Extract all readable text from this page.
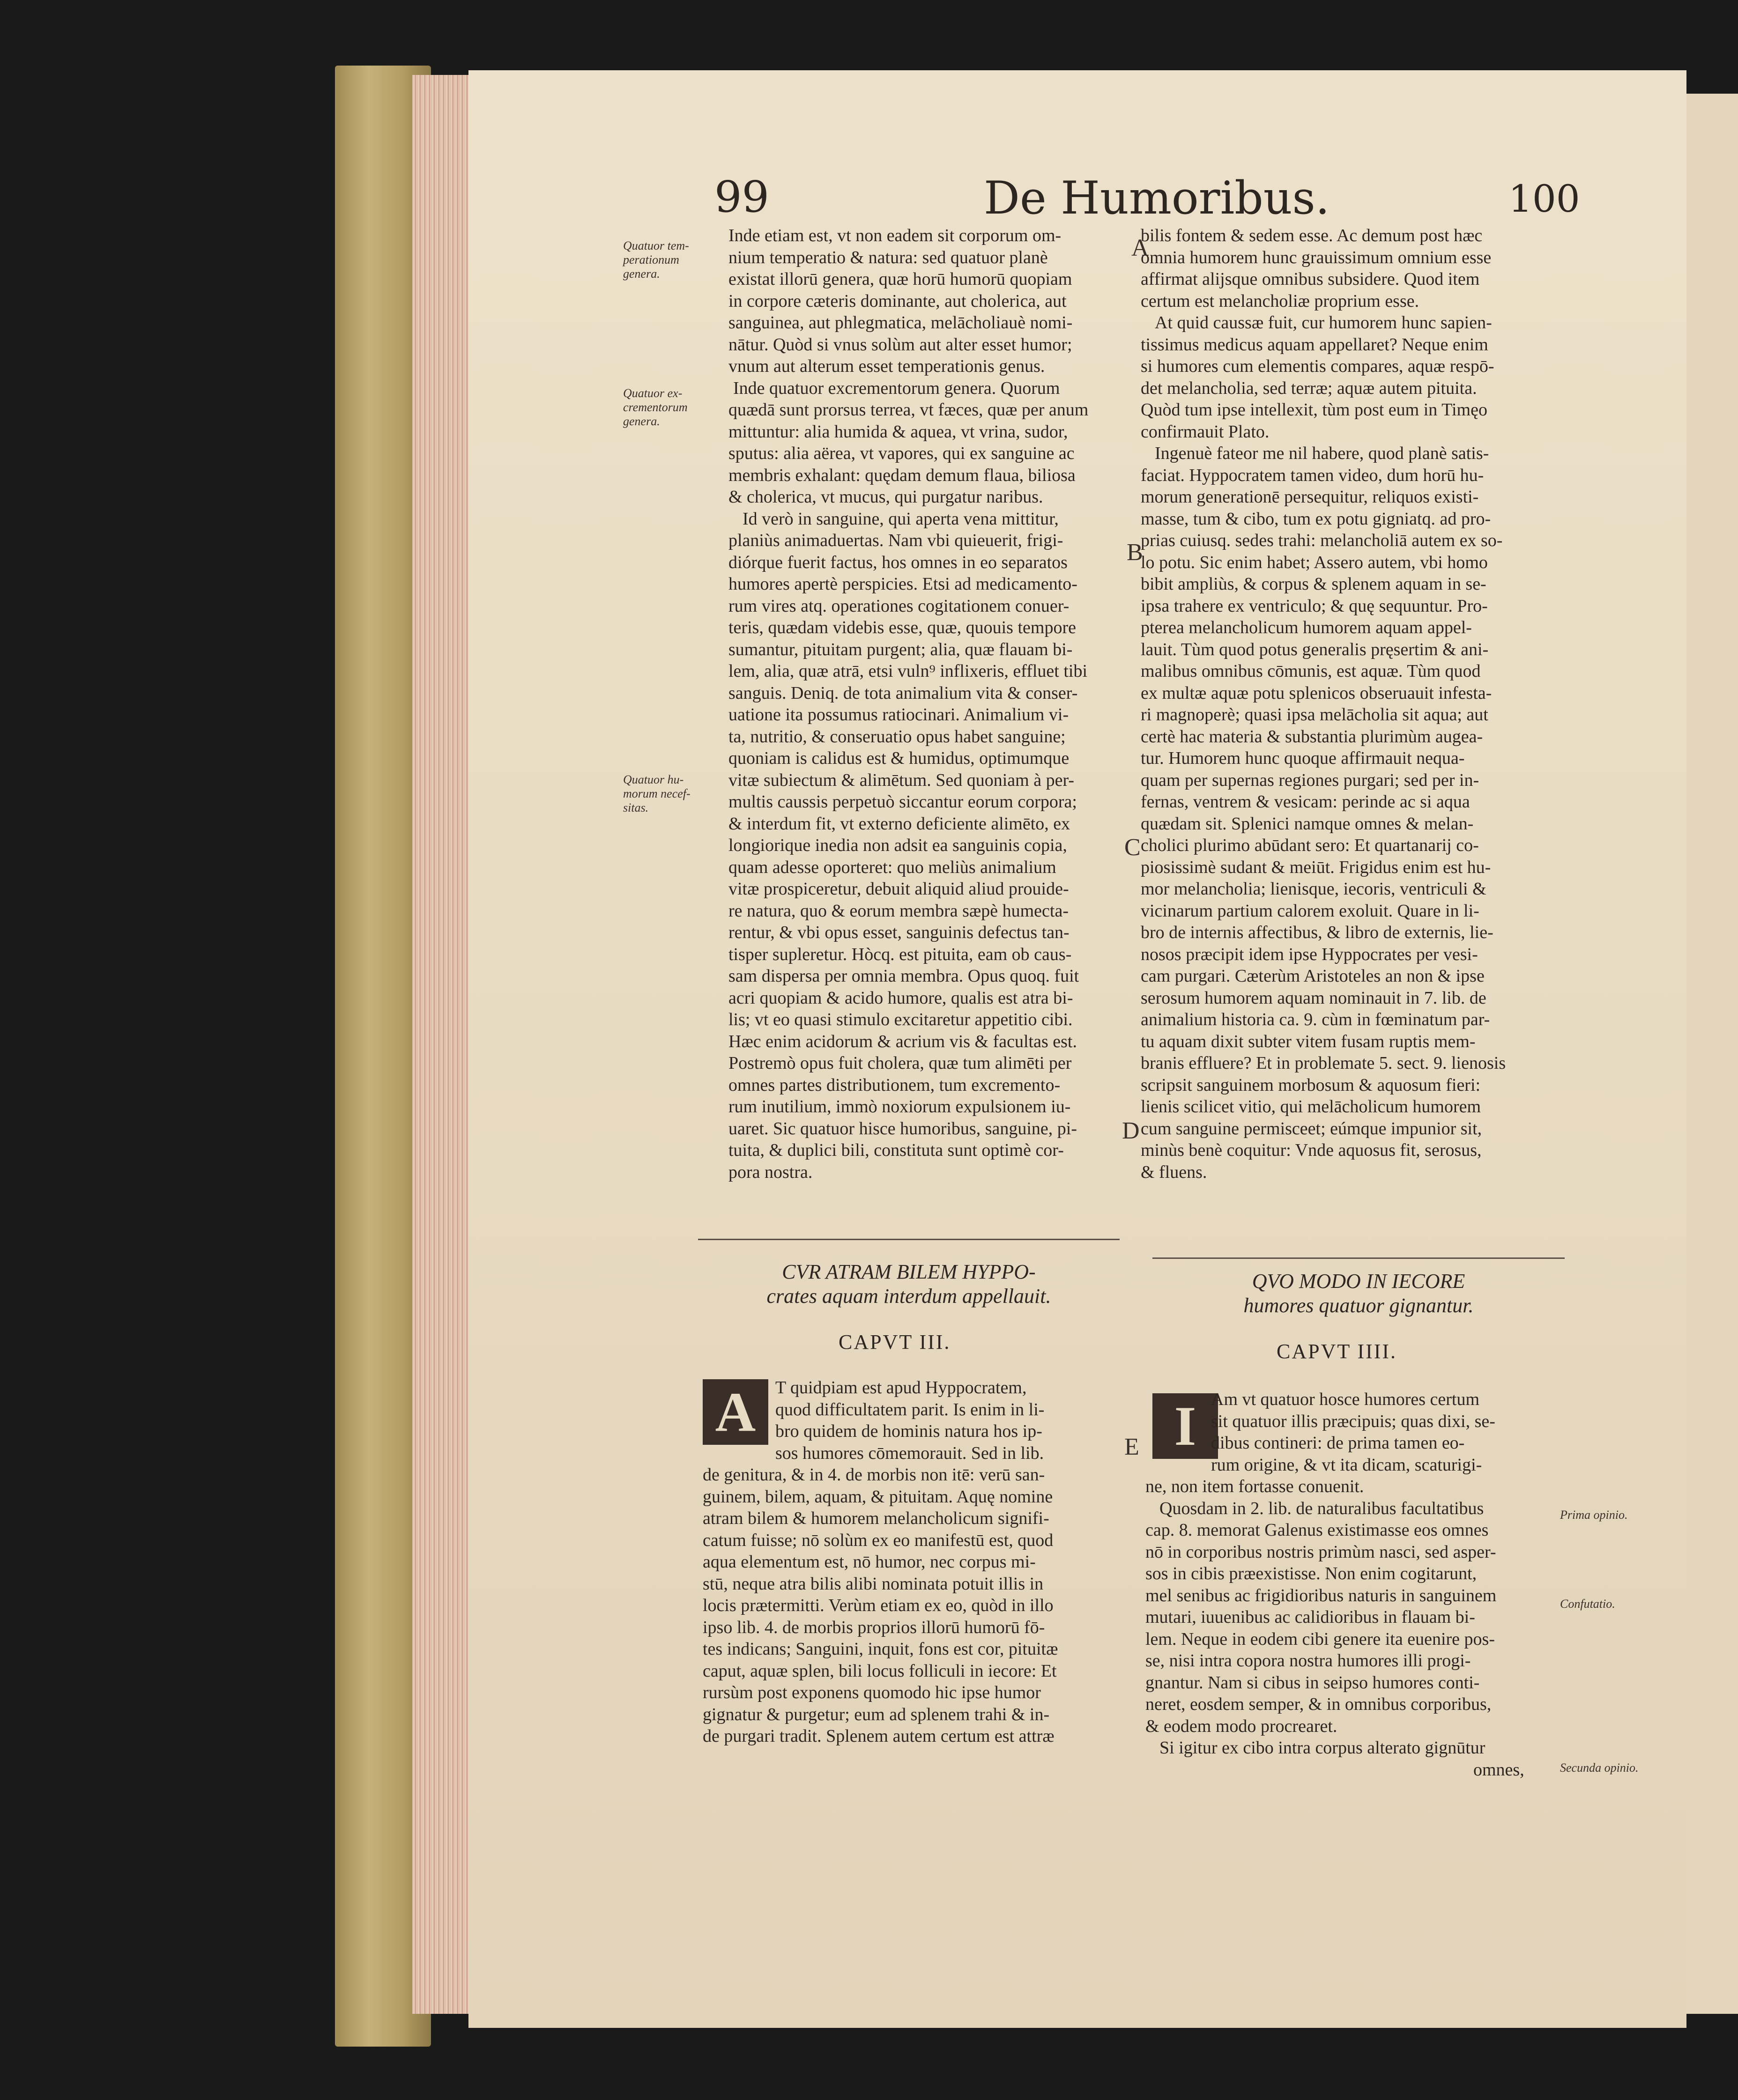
99	De Humoribus.	100

Quatuor tem-

perationum

genera.

Quatuor ex-

crementorum

genera.

Quatuor hu-

morum necef-

sitas.

Prima opinio.

Confutatio.

Secunda opinio.

A
B
C
D
E

Inde etiam est, vt non eadem sit corporum om-

nium temperatio & natura: sed quatuor planè

existat illorū genera, quæ horū humorū quopiam

in corpore cæteris dominante, aut cholerica, aut

sanguinea, aut phlegmatica, melācholiauè nomi-

nātur. Quòd si vnus solùm aut alter esset humor;

vnum aut alterum esset temperationis genus.

Inde quatuor excrementorum genera. Quorum

quædā sunt prorsus terrea, vt fæces, quæ per anum

mittuntur: alia humida & aquea, vt vrina, sudor,

sputus: alia aërea, vt vapores, qui ex sanguine ac

membris exhalant: quędam demum flaua, biliosa

& cholerica, vt mucus, qui purgatur naribus.

Id verò in sanguine, qui aperta vena mittitur,

planiùs animaduertas. Nam vbi quieuerit, frigi-

diórque fuerit factus, hos omnes in eo separatos

humores apertè perspicies. Etsi ad medicamento-

rum vires atq. operationes cogitationem conuer-

teris, quædam videbis esse, quæ, quouis tempore

sumantur, pituitam purgent; alia, quæ flauam bi-

lem, alia, quæ atrā, etsi vuln⁹ inflixeris, effluet tibi

sanguis. Deniq. de tota animalium vita & conser-

uatione ita possumus ratiocinari. Animalium vi-

ta, nutritio, & conseruatio opus habet sanguine;

quoniam is calidus est & humidus, optimumque

vitæ subiectum & alimētum. Sed quoniam à per-

multis caussis perpetuò siccantur eorum corpora;

& interdum fit, vt externo deficiente alimēto, ex

longiorique inedia non adsit ea sanguinis copia,

quam adesse oporteret: quo meliùs animalium

vitæ prospiceretur, debuit aliquid aliud prouide-

re natura, quo & eorum membra sæpè humecta-

rentur, & vbi opus esset, sanguinis defectus tan-

tisper supleretur. Hòcq. est pituita, eam ob caus-

sam dispersa per omnia membra. Opus quoq. fuit

acri quopiam & acido humore, qualis est atra bi-

lis; vt eo quasi stimulo excitaretur appetitio cibi.

Hæc enim acidorum & acrium vis & facultas est.

Postremò opus fuit cholera, quæ tum alimēti per

omnes partes distributionem, tum excremento-

rum inutilium, immò noxiorum expulsionem iu-

uaret. Sic quatuor hisce humoribus, sanguine, pi-

tuita, & duplici bili, constituta sunt optimè cor-

pora nostra.

bilis fontem & sedem esse. Ac demum post hæc

omnia humorem hunc grauissimum omnium esse

affirmat alijsque omnibus subsidere. Quod item

certum est melancholiæ proprium esse.

At quid caussæ fuit, cur humorem hunc sapien-

tissimus medicus aquam appellaret? Neque enim

si humores cum elementis compares, aquæ respō-

det melancholia, sed terræ; aquæ autem pituita.

Quòd tum ipse intellexit, tùm post eum in Timęo

confirmauit Plato.

Ingenuè fateor me nil habere, quod planè satis-

faciat. Hyppocratem tamen video, dum horū hu-

morum generationē persequitur, reliquos existi-

masse, tum & cibo, tum ex potu gigniatq. ad pro-

prias cuiusq. sedes trahi: melancholiā autem ex so-

lo potu. Sic enim habet; Assero autem, vbi homo

bibit ampliùs, & corpus & splenem aquam in se-

ipsa trahere ex ventriculo; & quę sequuntur. Pro-

pterea melancholicum humorem aquam appel-

lauit. Tùm quod potus generalis pręsertim & ani-

malibus omnibus cōmunis, est aquæ. Tùm quod

ex multæ aquæ potu splenicos obseruauit infesta-

ri magnoperè; quasi ipsa melācholia sit aqua; aut

certè hac materia & substantia plurimùm augea-

tur. Humorem hunc quoque affirmauit nequa-

quam per supernas regiones purgari; sed per in-

fernas, ventrem & vesicam: perinde ac si aqua

quædam sit. Splenici namque omnes & melan-

cholici plurimo abūdant sero: Et quartanarij co-

piosissimè sudant & meiūt. Frigidus enim est hu-

mor melancholia; lienisque, iecoris, ventriculi &

vicinarum partium calorem exoluit. Quare in li-

bro de internis affectibus, & libro de externis, lie-

nosos præcipit idem ipse Hyppocrates per vesi-

cam purgari. Cæterùm Aristoteles an non & ipse

serosum humorem aquam nominauit in 7. lib. de

animalium historia ca. 9. cùm in fœminatum par-

tu aquam dixit subter vitem fusam ruptis mem-

branis effluere? Et in problemate 5. sect. 9. lienosis

scripsit sanguinem morbosum & aquosum fieri:

lienis scilicet vitio, qui melācholicum humorem

cum sanguine permisceet; eúmque impunior sit,

minùs benè coquitur: Vnde aquosus fit, serosus,

& fluens.

CVR ATRAM BILEM HYPPO-
crates aquam interdum appellauit.
CAPVT III.
QVO MODO IN IECORE
humores quatuor gignantur.
CAPVT IIII.
A	T quidpiam est apud Hyppocratem,

quod difficultatem parit. Is enim in li-

bro quidem de hominis natura hos ip-

sos humores cōmemorauit. Sed in lib.

de genitura, & in 4. de morbis non itē: verū san-

guinem, bilem, aquam, & pituitam. Aquę nomine

atram bilem & humorem melancholicum signifi-

catum fuisse; nō solùm ex eo manifestū est, quod

aqua elementum est, nō humor, nec corpus mi-

stū, neque atra bilis alibi nominata potuit illis in

locis prætermitti. Verùm etiam ex eo, quòd in illo

ipso lib. 4. de morbis proprios illorū humorū fō-

tes indicans; Sanguini, inquit, fons est cor, pituitæ

caput, aquæ splen, bili locus folliculi in iecore: Et

rursùm post exponens quomodo hic ipse humor

gignatur & purgetur; eum ad splenem trahi & in-

de purgari tradit. Splenem autem certum est attræ

I Am vt quatuor hosce humores certum

sit quatuor illis præcipuis; quas dixi, se-

dibus contineri: de prima tamen eo-

rum origine, & vt ita dicam, scaturigi-

ne, non item fortasse conuenit.

Quosdam in 2. lib. de naturalibus facultatibus

cap. 8. memorat Galenus existimasse eos omnes

nō in corporibus nostris primùm nasci, sed asper-

sos in cibis præexistisse. Non enim cogitarunt,

mel senibus ac frigidioribus naturis in sanguinem

mutari, iuuenibus ac calidioribus in flauam bi-

lem. Neque in eodem cibi genere ita euenire pos-

se, nisi intra copora nostra humores illi progi-

gnantur. Nam si cibus in seipso humores conti-

neret, eosdem semper, & in omnibus corporibus,

& eodem modo procrearet.

Si igitur ex cibo intra corpus alterato gignūtur

omnes,
